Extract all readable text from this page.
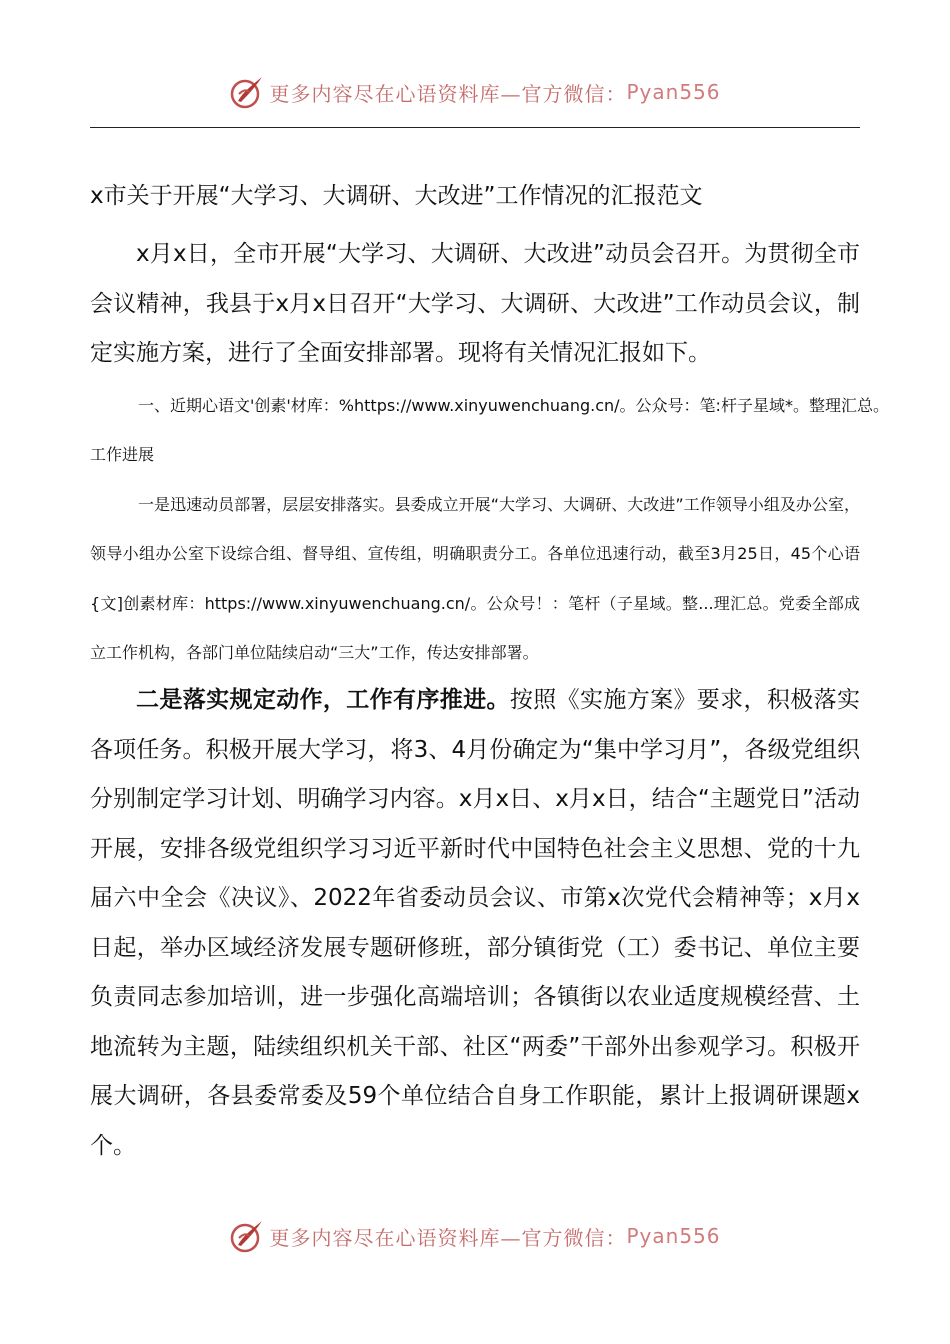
更多内容尽在心语资料库—官方微信： Pyan556
x市关于开展“大学习、大调研、大改进”工作情况的汇报范文

x月x日，全市开展“大学习、大调研、大改进”动员会召开。为贯彻全市会议精神，我县于x月x日召开“大学习、大调研、大改进”工作动员会议，制定实施方案，进行了全面安排部署。现将有关情况汇报如下。

一、近期心语文'创素'材库：%https://www.xinyuwenchuang.cn/。公众号：笔:杆子星域*。整理汇总。工作进展

一是迅速动员部署，层层安排落实。县委成立开展“大学习、大调研、大改进”工作领导小组及办公室，领导小组办公室下设综合组、督导组、宣传组，明确职责分工。各单位迅速行动，截至3月25日，45个心语{文]创素材库：https://www.xinyuwenchuang.cn/。公众号！：笔杆（子星域。整...理汇总。党委全部成立工作机构，各部门单位陆续启动“三大”工作，传达安排部署。

二是落实规定动作，工作有序推进。按照《实施方案》要求，积极落实各项任务。积极开展大学习，将3、4月份确定为“集中学习月”，各级党组织分别制定学习计划、明确学习内容。x月x日、x月x日，结合“主题党日”活动开展，安排各级党组织学习习近平新时代中国特色社会主义思想、党的十九届六中全会《决议》、2022年省委动员会议、市第x次党代会精神等；x月x日起，举办区域经济发展专题研修班，部分镇街党（工）委书记、单位主要负责同志参加培训，进一步强化高端培训；各镇街以农业适度规模经营、土地流转为主题，陆续组织机关干部、社区“两委”干部外出参观学习。积极开展大调研，各县委常委及59个单位结合自身工作职能，累计上报调研课题x个。

更多内容尽在心语资料库—官方微信： Pyan556
